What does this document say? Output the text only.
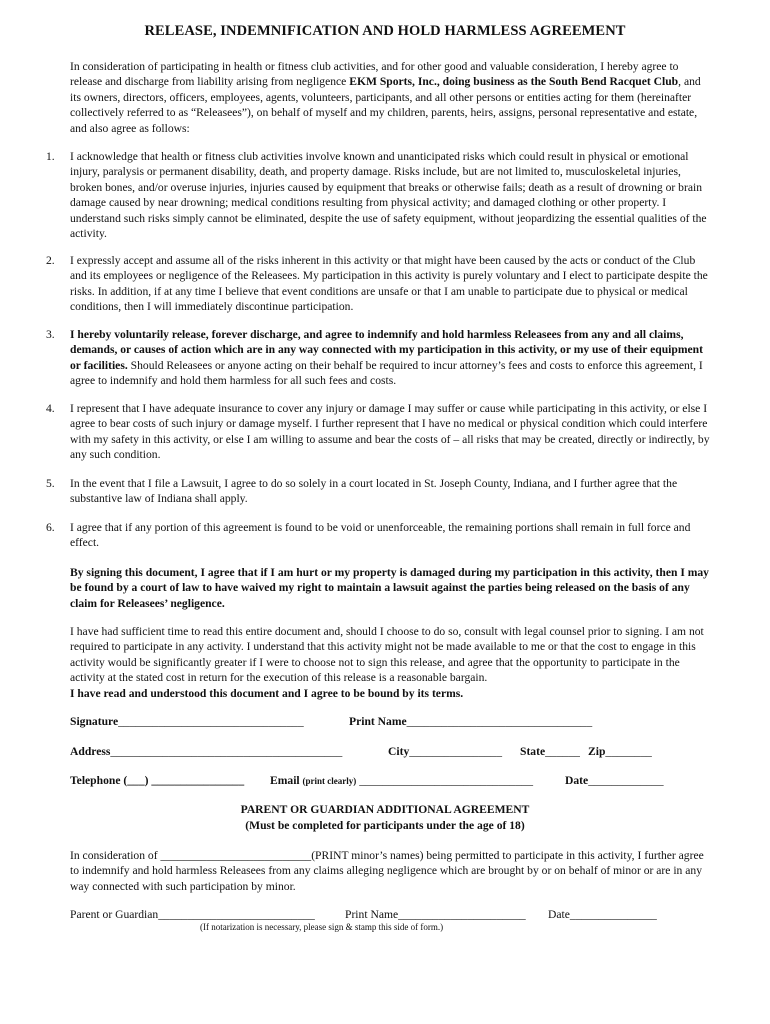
RELEASE, INDEMNIFICATION AND HOLD HARMLESS AGREEMENT
In consideration of participating in health or fitness club activities, and for other good and valuable consideration, I hereby agree to release and discharge from liability arising from negligence EKM Sports, Inc., doing business as the South Bend Racquet Club, and its owners, directors, officers, employees, agents, volunteers, participants, and all other persons or entities acting for them (hereinafter collectively referred to as “Releasees”), on behalf of myself and my children, parents, heirs, assigns, personal representative and estate, and also agree as follows:
1. I acknowledge that health or fitness club activities involve known and unanticipated risks which could result in physical or emotional injury, paralysis or permanent disability, death, and property damage. Risks include, but are not limited to, musculoskeletal injuries, broken bones, and/or overuse injuries, injuries caused by equipment that breaks or otherwise fails; death as a result of drowning or brain damage caused by near drowning; medical conditions resulting from physical activity; and damaged clothing or other property. I understand such risks simply cannot be eliminated, despite the use of safety equipment, without jeopardizing the essential qualities of the activity.
2. I expressly accept and assume all of the risks inherent in this activity or that might have been caused by the acts or conduct of the Club and its employees or negligence of the Releasees. My participation in this activity is purely voluntary and I elect to participate despite the risks. In addition, if at any time I believe that event conditions are unsafe or that I am unable to participate due to physical or medical conditions, then I will immediately discontinue participation.
3. I hereby voluntarily release, forever discharge, and agree to indemnify and hold harmless Releasees from any and all claims, demands, or causes of action which are in any way connected with my participation in this activity, or my use of their equipment or facilities. Should Releasees or anyone acting on their behalf be required to incur attorney’s fees and costs to enforce this agreement, I agree to indemnify and hold them harmless for all such fees and costs.
4. I represent that I have adequate insurance to cover any injury or damage I may suffer or cause while participating in this activity, or else I agree to bear costs of such injury or damage myself. I further represent that I have no medical or physical condition which could interfere with my safety in this activity, or else I am willing to assume and bear the costs of – all risks that may be created, directly or indirectly, by any such condition.
5. In the event that I file a Lawsuit, I agree to do so solely in a court located in St. Joseph County, Indiana, and I further agree that the substantive law of Indiana shall apply.
6. I agree that if any portion of this agreement is found to be void or unenforceable, the remaining portions shall remain in full force and effect.
By signing this document, I agree that if I am hurt or my property is damaged during my participation in this activity, then I may be found by a court of law to have waived my right to maintain a lawsuit against the parties being released on the basis of any claim for Releasees’ negligence.
I have had sufficient time to read this entire document and, should I choose to do so, consult with legal counsel prior to signing. I am not required to participate in any activity. I understand that this activity might not be made available to me or that the cost to engage in this activity would be significantly greater if I were to choose not to sign this release, and agree that the opportunity to participate in the activity at the stated cost in return for the execution of this release is a reasonable bargain.
I have read and understood this document and I agree to be bound by its terms.
Signature________________________________	Print Name________________________________
Address________________________________________	City________________ State______ Zip________
Telephone (___) ________________ Email (print clearly) ______________________________	Date_____________
PARENT OR GUARDIAN ADDITIONAL AGREEMENT
(Must be completed for participants under the age of 18)
In consideration of __________________________(PRINT minor’s names) being permitted to participate in this activity, I further agree to indemnify and hold harmless Releasees from any claims alleging negligence which are brought by or on behalf of minor or are in any way connected with such participation by minor.
Parent or Guardian___________________________	Print Name______________________ Date_______________
(If notarization is necessary, please sign & stamp this side of form.)
